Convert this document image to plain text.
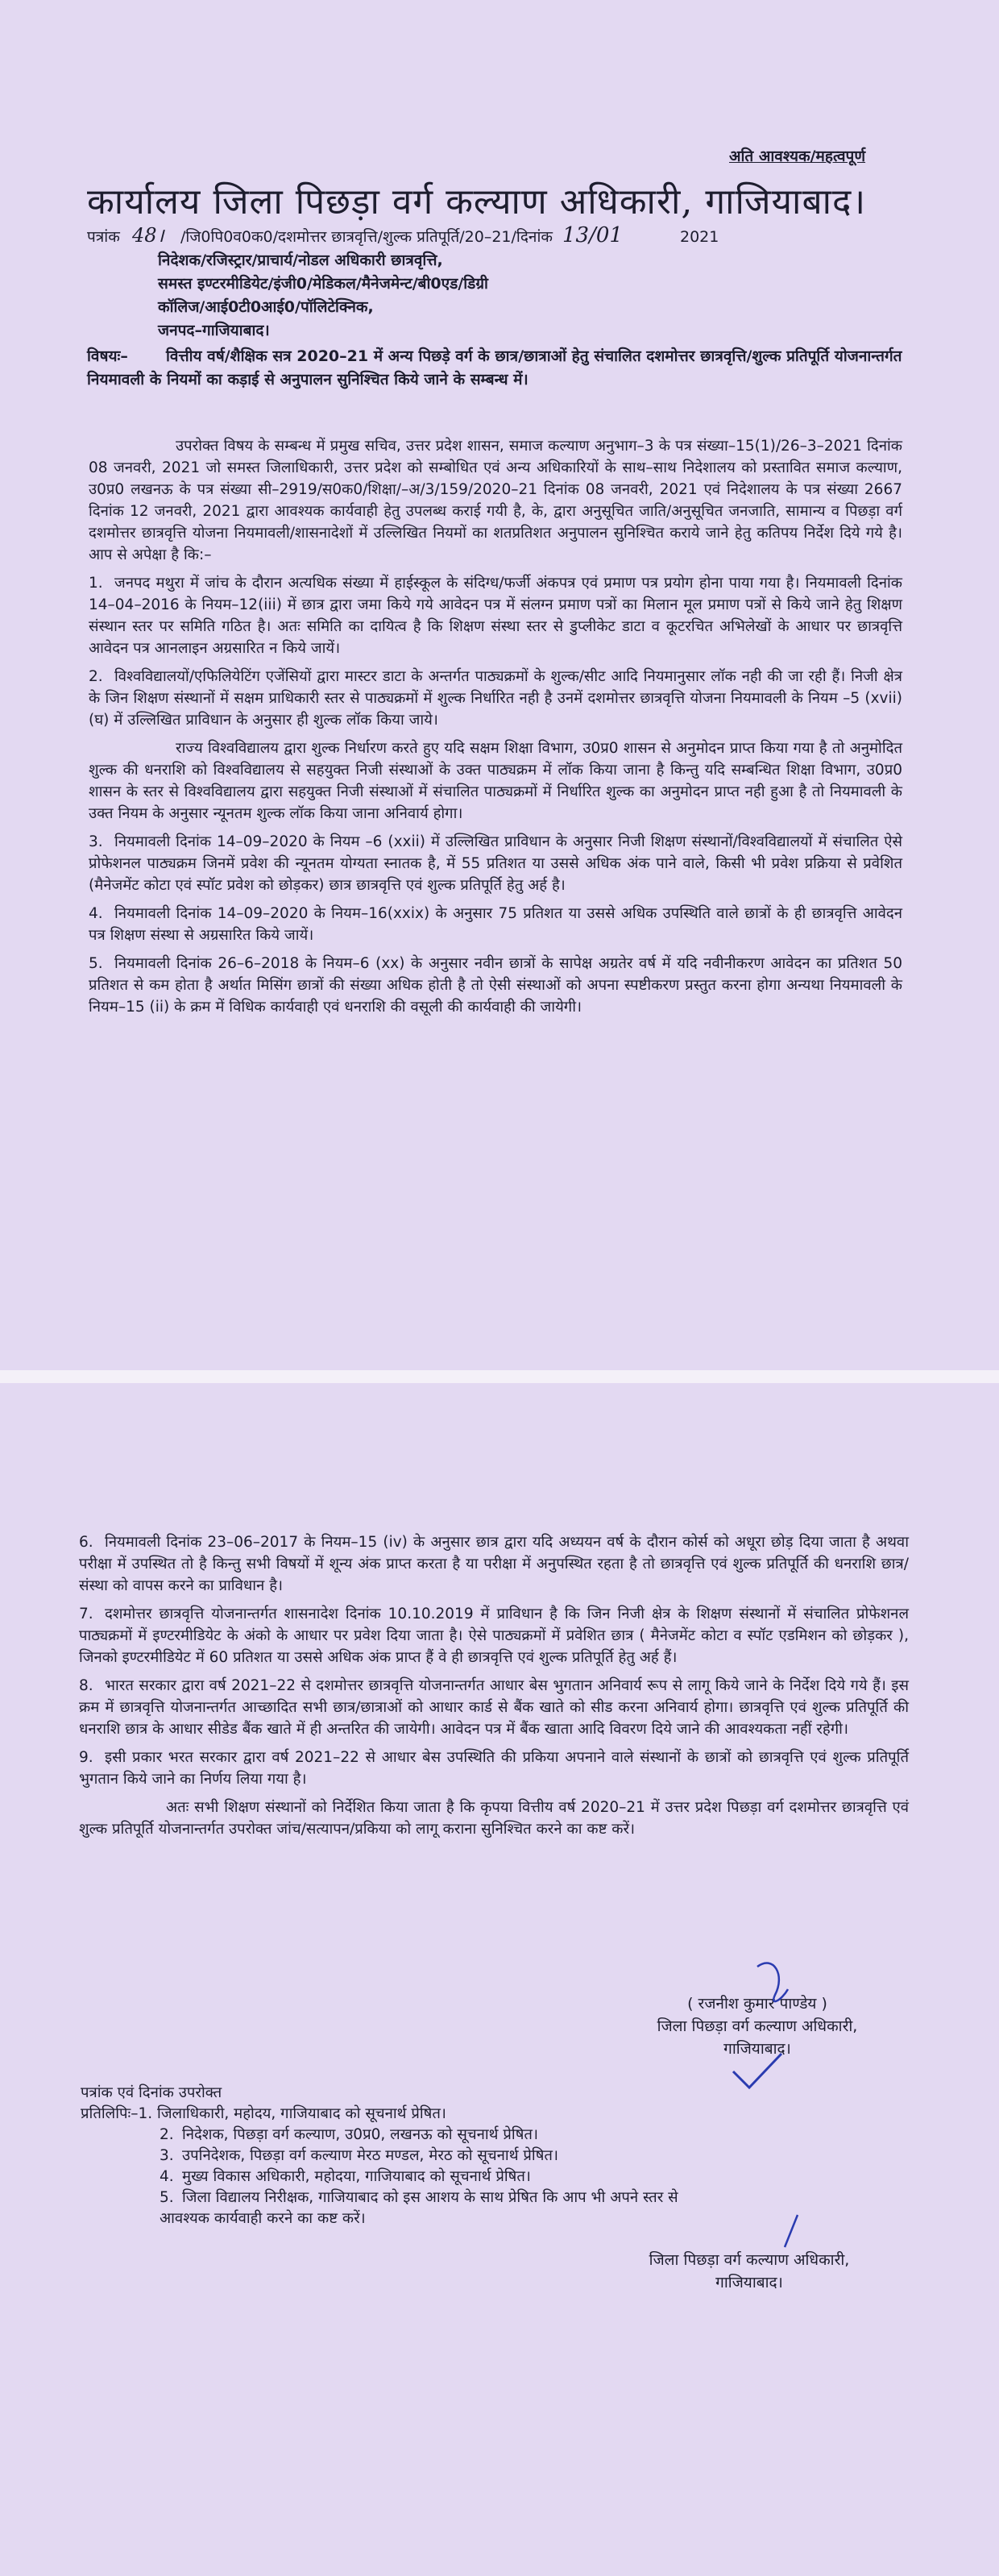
अति आवश्यक/महत्वपूर्ण
कार्यालय जिला पिछड़ा वर्ग कल्याण अधिकारी, गाजियाबाद।
पत्रांक 48। /जि0पि0व0क0/दशमोत्तर छात्रवृत्ति/शुल्क प्रतिपूर्ति/20–21/दिनांक 13/01	2021
निदेशक/रजिस्ट्रार/प्राचार्य/नोडल अधिकारी छात्रवृत्ति,
समस्त इण्टरमीडियेट/इंजी0/मेडिकल/मैनेजमेन्ट/बी0एड/डिग्री
कॉलिज/आई0टी0आई0/पॉलिटेक्निक,
जनपद–गाजियाबाद।
विषयः– वित्तीय वर्ष/शैक्षिक सत्र 2020–21 में अन्य पिछड़े वर्ग के छात्र/छात्राओं हेतु संचालित दशमोत्तर छात्रवृत्ति/शुल्क प्रतिपूर्ति योजनान्तर्गत नियमावली के नियमों का कड़ाई से अनुपालन सुनिश्चित किये जाने के सम्बन्ध में।

उपरोक्त विषय के सम्बन्ध में प्रमुख सचिव, उत्तर प्रदेश शासन, समाज कल्याण अनुभाग–3 के पत्र संख्या–15(1)/26–3–2021 दिनांक 08 जनवरी, 2021 जो समस्त जिलाधिकारी, उत्तर प्रदेश को सम्बोधित एवं अन्य अधिकारियों के साथ–साथ निदेशालय को प्रस्तावित समाज कल्याण, उ0प्र0 लखनऊ के पत्र संख्या सी–2919/स0क0/शिक्षा/–अ/3/159/2020–21 दिनांक 08 जनवरी, 2021 एवं निदेशालय के पत्र संख्या 2667 दिनांक 12 जनवरी, 2021 द्वारा आवश्यक कार्यवाही हेतु उपलब्ध कराई गयी है, के, द्वारा अनुसूचित जाति/अनुसूचित जनजाति, सामान्य व पिछड़ा वर्ग दशमोत्तर छात्रवृत्ति योजना नियमावली/शासनादेशों में उल्लिखित नियमों का शतप्रतिशत अनुपालन सुनिश्चित कराये जाने हेतु कतिपय निर्देश दिये गये है। आप से अपेक्षा है कि:–

1. जनपद मथुरा में जांच के दौरान अत्यधिक संख्या में हाईस्कूल के संदिग्ध/फर्जी अंकपत्र एवं प्रमाण पत्र प्रयोग होना पाया गया है। नियमावली दिनांक 14–04–2016 के नियम–12(iii) में छात्र द्वारा जमा किये गये आवेदन पत्र में संलग्न प्रमाण पत्रों का मिलान मूल प्रमाण पत्रों से किये जाने हेतु शिक्षण संस्थान स्तर पर समिति गठित है। अतः समिति का दायित्व है कि शिक्षण संस्था स्तर से डुप्लीकेट डाटा व कूटरचित अभिलेखों के आधार पर छात्रवृत्ति आवेदन पत्र आनलाइन अग्रसारित न किये जायें।

2. विश्वविद्यालयों/एफिलियेटिंग एजेंसियों द्वारा मास्टर डाटा के अन्तर्गत पाठ्यक्रमों के शुल्क/सीट आदि नियमानुसार लॉक नही की जा रही हैं। निजी क्षेत्र के जिन शिक्षण संस्थानों में सक्षम प्राधिकारी स्तर से पाठ्यक्रमों में शुल्क निर्धारित नही है उनमें दशमोत्तर छात्रवृत्ति योजना नियमावली के नियम –5 (xvii) (घ) में उल्लिखित प्राविधान के अनुसार ही शुल्क लॉक किया जाये।

राज्य विश्वविद्यालय द्वारा शुल्क निर्धारण करते हुए यदि सक्षम शिक्षा विभाग, उ0प्र0 शासन से अनुमोदन प्राप्त किया गया है तो अनुमोदित शुल्क की धनराशि को विश्वविद्यालय से सहयुक्त निजी संस्थाओं के उक्त पाठ्यक्रम में लॉक किया जाना है किन्तु यदि सम्बन्धित शिक्षा विभाग, उ0प्र0 शासन के स्तर से विश्वविद्यालय द्वारा सहयुक्त निजी संस्थाओं में संचालित पाठ्यक्रमों में निर्धारित शुल्क का अनुमोदन प्राप्त नही हुआ है तो नियमावली के उक्त नियम के अनुसार न्यूनतम शुल्क लॉक किया जाना अनिवार्य होगा।

3. नियमावली दिनांक 14–09–2020 के नियम –6 (xxii) में उल्लिखित प्राविधान के अनुसार निजी शिक्षण संस्थानों/विश्वविद्यालयों में संचालित ऐसे प्रोफेशनल पाठ्यक्रम जिनमें प्रवेश की न्यूनतम योग्यता स्नातक है, में 55 प्रतिशत या उससे अधिक अंक पाने वाले, किसी भी प्रवेश प्रक्रिया से प्रवेशित (मैनेजमेंट कोटा एवं स्पॉट प्रवेश को छोड़कर) छात्र छात्रवृत्ति एवं शुल्क प्रतिपूर्ति हेतु अर्ह है।

4. नियमावली दिनांक 14–09–2020 के नियम–16(xxix) के अनुसार 75 प्रतिशत या उससे अधिक उपस्थिति वाले छात्रों के ही छात्रवृत्ति आवेदन पत्र शिक्षण संस्था से अग्रसारित किये जायें।

5. नियमावली दिनांक 26–6–2018 के नियम–6 (xx) के अनुसार नवीन छात्रों के सापेक्ष अग्रतेर वर्ष में यदि नवीनीकरण आवेदन का प्रतिशत 50 प्रतिशत से कम होता है अर्थात मिसिंग छात्रों की संख्या अधिक होती है तो ऐसी संस्थाओं को अपना स्पष्टीकरण प्रस्तुत करना होगा अन्यथा नियमावली के नियम–15 (ii) के क्रम में विधिक कार्यवाही एवं धनराशि की वसूली की कार्यवाही की जायेगी।

6. नियमावली दिनांक 23–06–2017 के नियम–15 (iv) के अनुसार छात्र द्वारा यदि अध्ययन वर्ष के दौरान कोर्स को अधूरा छोड़ दिया जाता है अथवा परीक्षा में उपस्थित तो है किन्तु सभी विषयों में शून्य अंक प्राप्त करता है या परीक्षा में अनुपस्थित रहता है तो छात्रवृत्ति एवं शुल्क प्रतिपूर्ति की धनराशि छात्र/संस्था को वापस करने का प्राविधान है।

7. दशमोत्तर छात्रवृत्ति योजनान्तर्गत शासनादेश दिनांक 10.10.2019 में प्राविधान है कि जिन निजी क्षेत्र के शिक्षण संस्थानों में संचालित प्रोफेशनल पाठ्यक्रमों में इण्टरमीडियेट के अंको के आधार पर प्रवेश दिया जाता है। ऐसे पाठ्यक्रमों में प्रवेशित छात्र ( मैनेजमेंट कोटा व स्पॉट एडमिशन को छोड़कर ), जिनको इण्टरमीडियेट में 60 प्रतिशत या उससे अधिक अंक प्राप्त हैं वे ही छात्रवृत्ति एवं शुल्क प्रतिपूर्ति हेतु अर्ह हैं।

8. भारत सरकार द्वारा वर्ष 2021–22 से दशमोत्तर छात्रवृत्ति योजनान्तर्गत आधार बेस भुगतान अनिवार्य रूप से लागू किये जाने के निर्देश दिये गये हैं। इस क्रम में छात्रवृत्ति योजनान्तर्गत आच्छादित सभी छात्र/छात्राओं को आधार कार्ड से बैंक खाते को सीड करना अनिवार्य होगा। छात्रवृत्ति एवं शुल्क प्रतिपूर्ति की धनराशि छात्र के आधार सीडेड बैंक खाते में ही अन्तरित की जायेगी। आवेदन पत्र में बैंक खाता आदि विवरण दिये जाने की आवश्यकता नहीं रहेगी।

9. इसी प्रकार भरत सरकार द्वारा वर्ष 2021–22 से आधार बेस उपस्थिति की प्रकिया अपनाने वाले संस्थानों के छात्रों को छात्रवृत्ति एवं शुल्क प्रतिपूर्ति भुगतान किये जाने का निर्णय लिया गया है।

अतः सभी शिक्षण संस्थानों को निर्देशित किया जाता है कि कृपया वित्तीय वर्ष 2020–21 में उत्तर प्रदेश पिछड़ा वर्ग दशमोत्तर छात्रवृत्ति एवं शुल्क प्रतिपूर्ति योजनान्तर्गत उपरोक्त जांच/सत्यापन/प्रकिया को लागू कराना सुनिश्चित करने का कष्ट करें।

( रजनीश कुमार पाण्डेय )
जिला पिछड़ा वर्ग कल्याण अधिकारी,
गाजियाबाद।
पत्रांक एवं दिनांक उपरोक्त
प्रतिलिपिः–1. जिलाधिकारी, महोदय, गाजियाबाद को सूचनार्थ प्रेषित।
2. निदेशक, पिछड़ा वर्ग कल्याण, उ0प्र0, लखनऊ को सूचनार्थ प्रेषित।
3. उपनिदेशक, पिछड़ा वर्ग कल्याण मेरठ मण्डल, मेरठ को सूचनार्थ प्रेषित।
4. मुख्य विकास अधिकारी, महोदया, गाजियाबाद को सूचनार्थ प्रेषित।
5. जिला विद्यालय निरीक्षक, गाजियाबाद को इस आशय के साथ प्रेषित कि आप भी अपने स्तर से आवश्यक कार्यवाही करने का कष्ट करें।
जिला पिछड़ा वर्ग कल्याण अधिकारी,
गाजियाबाद।
